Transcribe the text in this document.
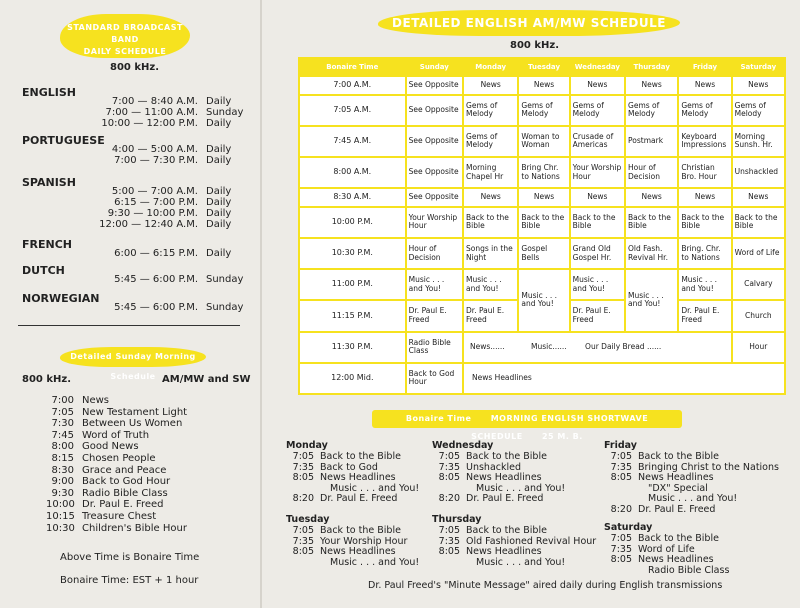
STANDARD BROADCAST BAND
DAILY SCHEDULE
800 kHz.
ENGLISH
7:00 — 8:40 A.M. Daily
7:00 — 11:00 A.M. Sunday
10:00 — 12:00 P.M. Daily
PORTUGUESE
4:00 — 5:00 A.M. Daily
7:00 — 7:30 P.M. Daily
SPANISH
5:00 — 7:00 A.M. Daily
6:15 — 7:00 P.M. Daily
9:30 — 10:00 P.M. Daily
12:00 — 12:40 A.M. Daily
FRENCH
6:00 — 6:15 P.M. Daily
DUTCH
5:45 — 6:00 P.M. Sunday
NORWEGIAN
5:45 — 6:00 P.M. Sunday
Detailed Sunday Morning Schedule
800 kHz.	AM/MW and SW
7:00 News
7:05 New Testament Light
7:30 Between Us Women
7:45 Word of Truth
8:00 Good News
8:15 Chosen People
8:30 Grace and Peace
9:00 Back to God Hour
9:30 Radio Bible Class
10:00 Dr. Paul E. Freed
10:15 Treasure Chest
10:30 Children's Bible Hour
Above Time is Bonaire Time
Bonaire Time: EST + 1 hour
DETAILED ENGLISH AM/MW SCHEDULE
800 kHz.
Bonaire Time	Sunday	Monday	Tuesday	Wednesday	Thursday	Friday	Saturday
7:00 A.M.	See Opposite	News	News	News	News	News	News
7:05 A.M.	See Opposite	Gems of Melody	Gems of Melody	Gems of Melody	Gems of Melody	Gems of Melody	Gems of Melody
7:45 A.M.	See Opposite	Gems of Melody	Woman to Woman	Crusade of Americas	Postmark	Keyboard Impressions	Morning Sunsh. Hr.
8:00 A.M.	See Opposite	Morning Chapel Hr	Bring Chr. to Nations	Your Worship Hour	Hour of Decision	Christian Bro. Hour	Unshackled
8:30 A.M.	See Opposite	News	News	News	News	News	News
10:00 P.M.	Your Worship Hour	Back to the Bible	Back to the Bible	Back to the Bible	Back to the Bible	Back to the Bible	Back to the Bible
10:30 P.M.	Hour of Decision	Songs in the Night	Gospel Bells	Grand Old Gospel Hr.	Old Fash. Revival Hr.	Bring. Chr. to Nations	Word of Life
11:00 P.M.	Music . . . and You!	Music . . . and You!	Music . . . and You!	Music . . . and You!	Music . . . and You!	Music . . . and You!	Calvary
11:15 P.M.	Dr. Paul E. Freed	Dr. Paul E. Freed		Dr. Paul E. Freed		Dr. Paul E. Freed	Church
11:30 P.M.	Radio Bible Class	News...... Music...... Our Daily Bread ......					Hour
12:00 Mid.	Back to God Hour	News Headlines					
Bonaire Time MORNING ENGLISH SHORTWAVE SCHEDULE 25 M. B.
Monday
7:05 Back to the Bible
7:35 Back to God
8:05 News Headlines
Music . . . and You!
8:20 Dr. Paul E. Freed
Tuesday
7:05 Back to the Bible
7:35 Your Worship Hour
8:05 News Headlines
Music . . . and You!
Wednesday
7:05 Back to the Bible
7:35 Unshackled
8:05 News Headlines
Music . . . and You!
8:20 Dr. Paul E. Freed
Thursday
7:05 Back to the Bible
7:35 Old Fashioned Revival Hour
8:05 News Headlines
Music . . . and You!
Friday
7:05 Back to the Bible
7:35 Bringing Christ to the Nations
8:05 News Headlines
"DX" Special
Music . . . and You!
8:20 Dr. Paul E. Freed
Saturday
7:05 Back to the Bible
7:35 Word of Life
8:05 News Headlines
Radio Bible Class
Dr. Paul Freed's "Minute Message" aired daily during English transmissions
